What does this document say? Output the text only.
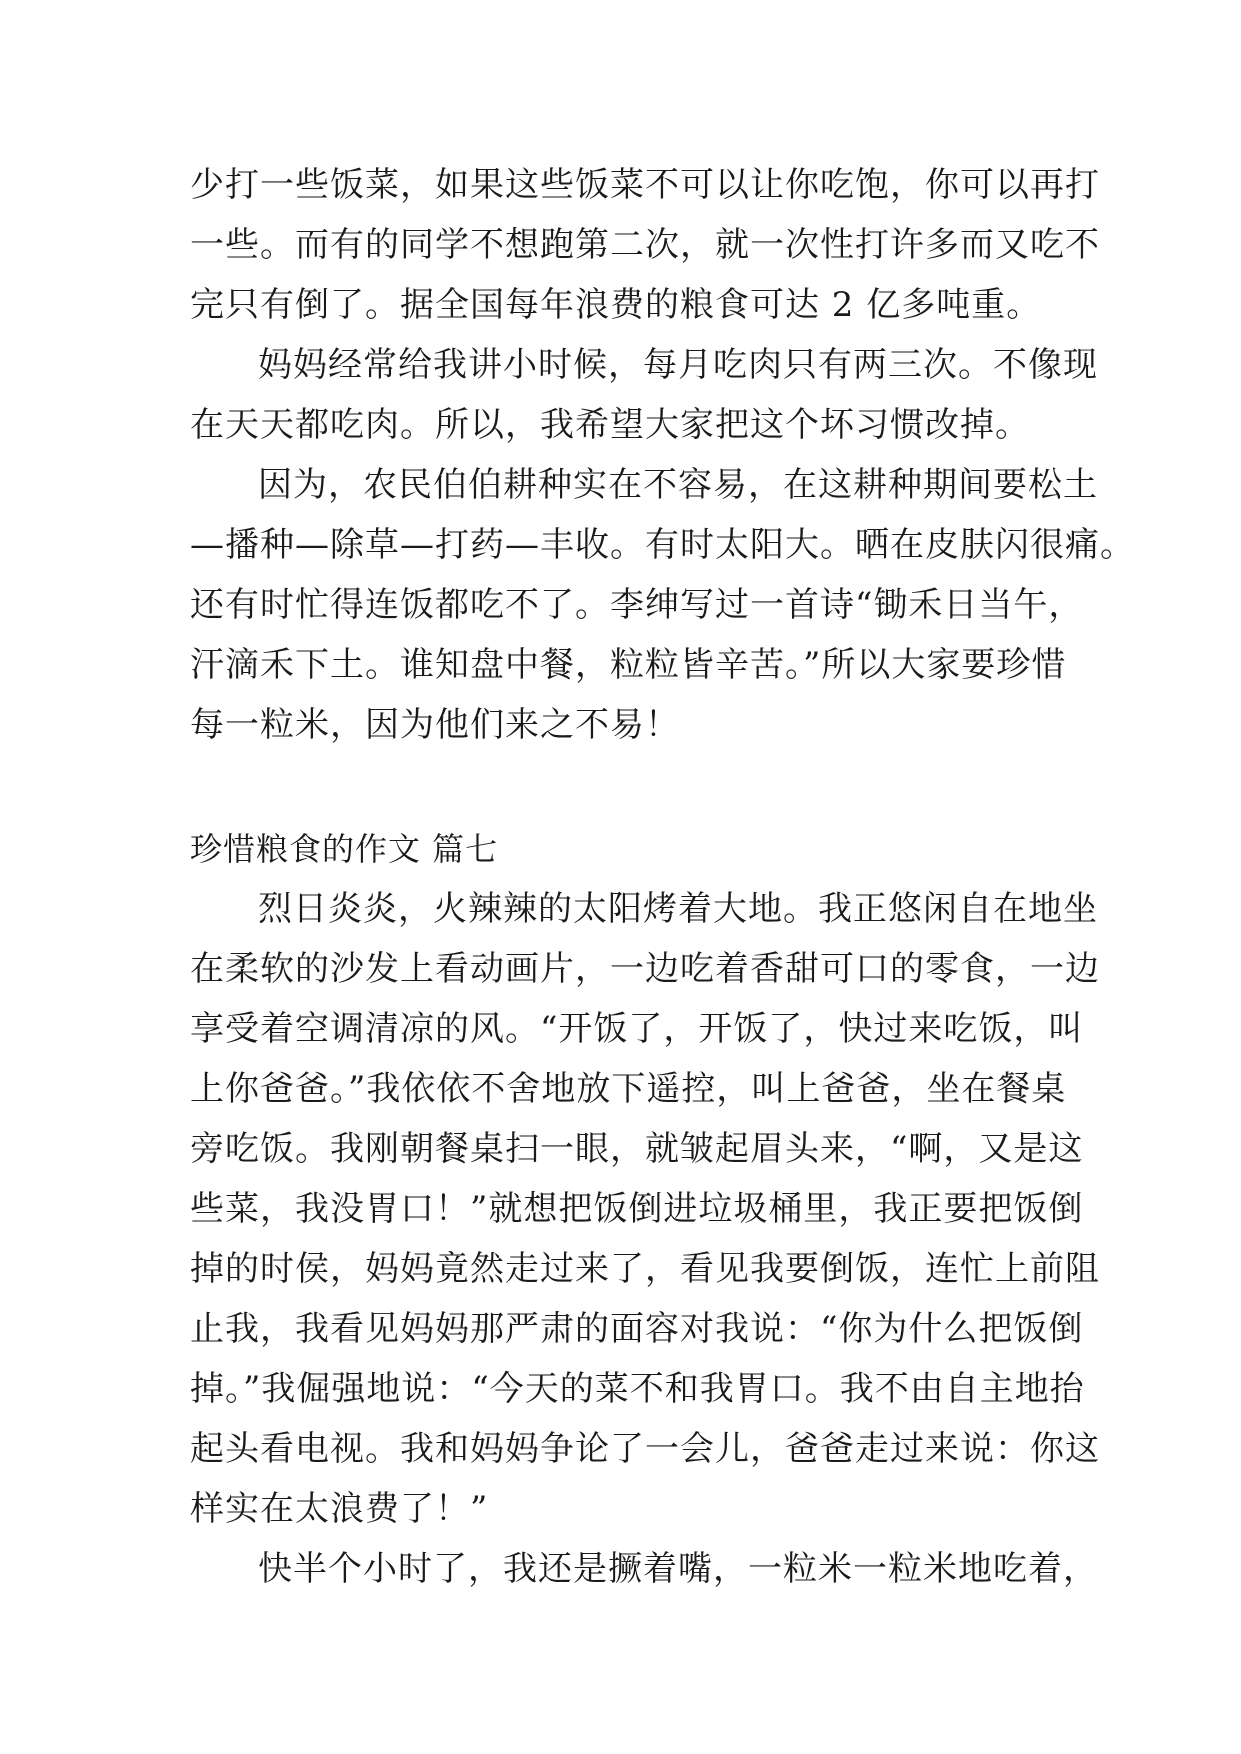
少打一些饭菜，如果这些饭菜不可以让你吃饱，你可以再打
一些。而有的同学不想跑第二次，就一次性打许多而又吃不
完只有倒了。据全国每年浪费的粮食可达 2 亿多吨重。
妈妈经常给我讲小时候，每月吃肉只有两三次。不像现
在天天都吃肉。所以，我希望大家把这个坏习惯改掉。
因为，农民伯伯耕种实在不容易，在这耕种期间要松土
—播种—除草—打药—丰收。有时太阳大。晒在皮肤闪很痛。
还有时忙得连饭都吃不了。李绅写过一首诗“锄禾日当午，
汗滴禾下土。谁知盘中餐，粒粒皆辛苦。”所以大家要珍惜
每一粒米，因为他们来之不易！
珍惜粮食的作文 篇七
烈日炎炎，火辣辣的太阳烤着大地。我正悠闲自在地坐
在柔软的沙发上看动画片，一边吃着香甜可口的零食，一边
享受着空调清凉的风。“开饭了，开饭了，快过来吃饭，叫
上你爸爸。”我依依不舍地放下遥控，叫上爸爸，坐在餐桌
旁吃饭。我刚朝餐桌扫一眼，就皱起眉头来，“啊，又是这
些菜，我没胃口！”就想把饭倒进垃圾桶里，我正要把饭倒
掉的时侯，妈妈竟然走过来了，看见我要倒饭，连忙上前阻
止我，我看见妈妈那严肃的面容对我说：“你为什么把饭倒
掉。”我倔强地说：“今天的菜不和我胃口。我不由自主地抬
起头看电视。我和妈妈争论了一会儿，爸爸走过来说：你这
样实在太浪费了！”
快半个小时了，我还是撅着嘴，一粒米一粒米地吃着，
